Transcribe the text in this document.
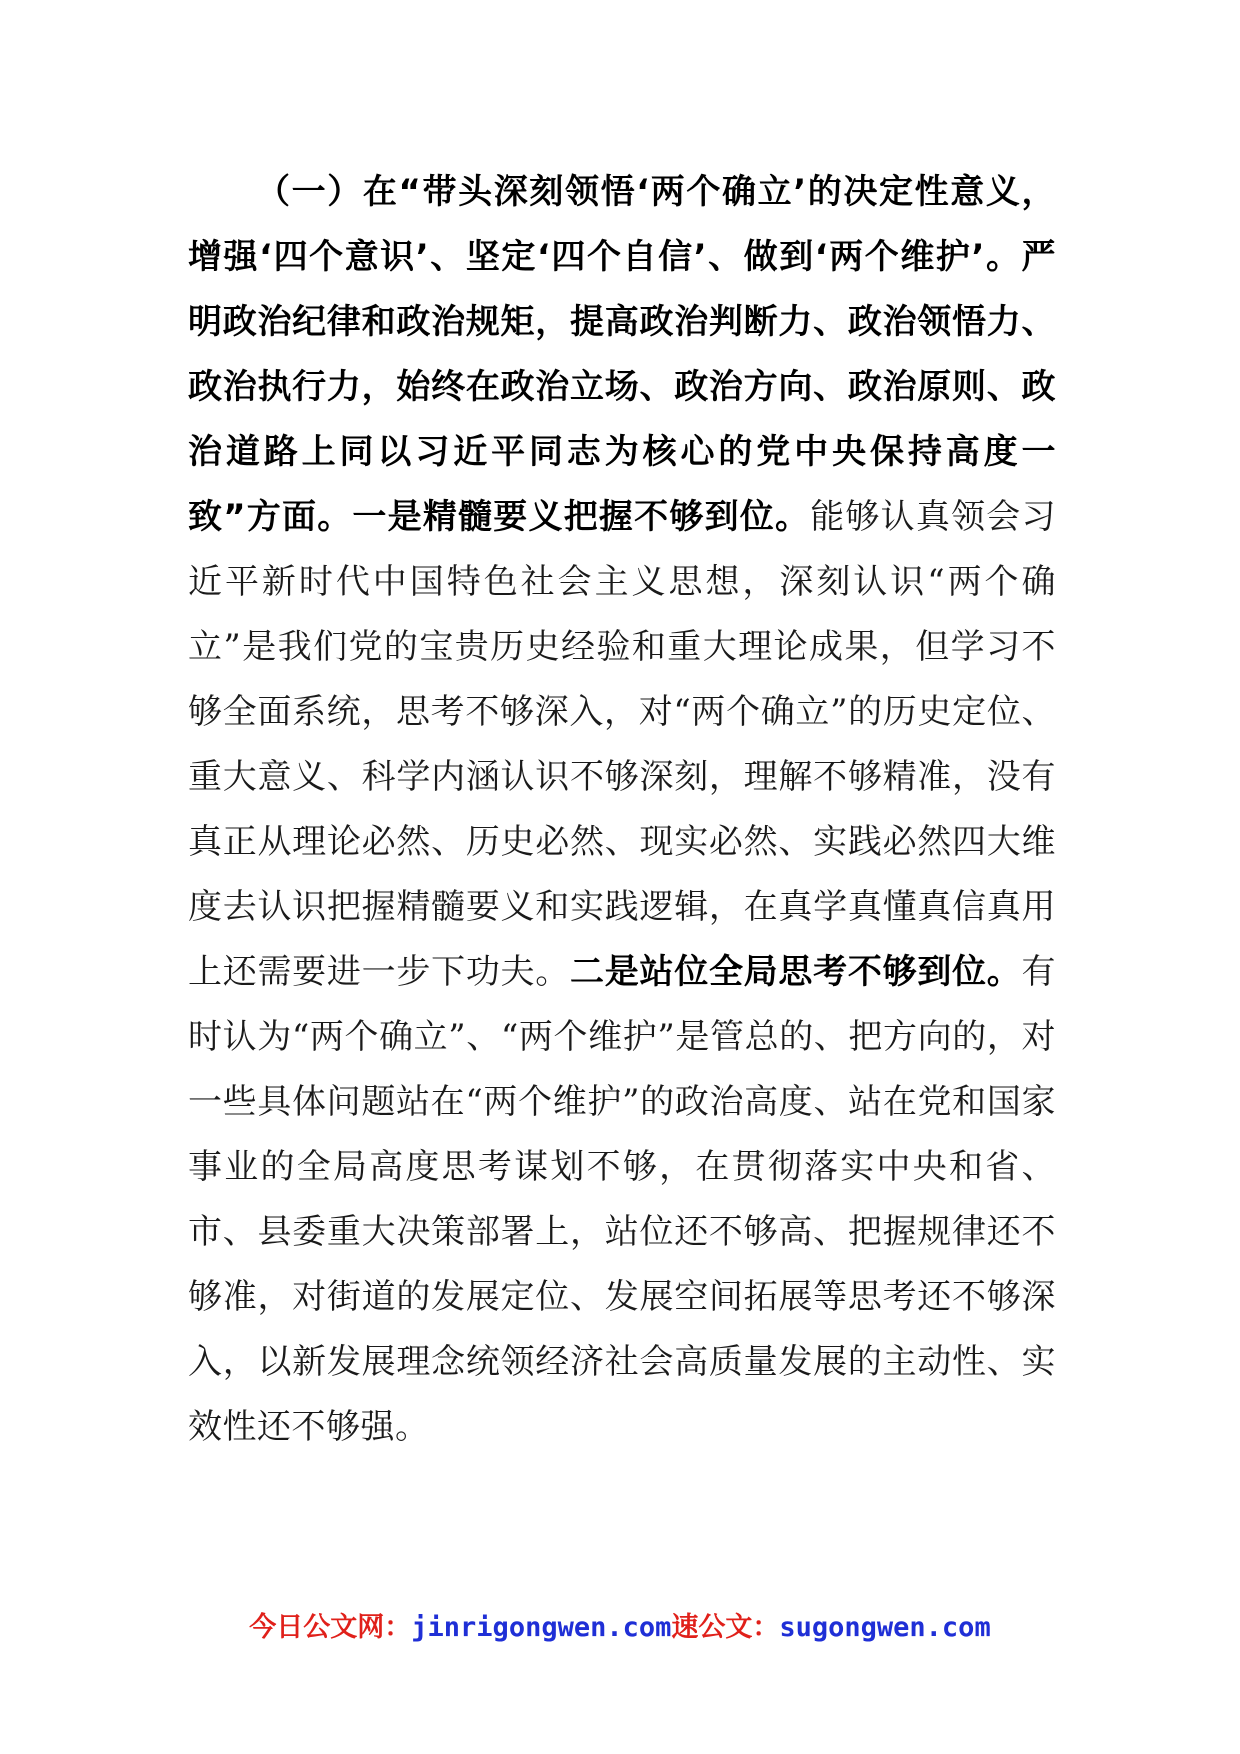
（一）在“带头深刻领悟‘两个确立’的决定性意义，增强‘四个意识’、坚定‘四个自信’、做到‘两个维护’。严明政治纪律和政治规矩，提高政治判断力、政治领悟力、政治执行力，始终在政治立场、政治方向、政治原则、政治道路上同以习近平同志为核心的党中央保持高度一致”方面。一是精髓要义把握不够到位。能够认真领会习近平新时代中国特色社会主义思想，深刻认识“两个确立”是我们党的宝贵历史经验和重大理论成果，但学习不够全面系统，思考不够深入，对“两个确立”的历史定位、重大意义、科学内涵认识不够深刻，理解不够精准，没有真正从理论必然、历史必然、现实必然、实践必然四大维度去认识把握精髓要义和实践逻辑，在真学真懂真信真用上还需要进一步下功夫。二是站位全局思考不够到位。有时认为“两个确立”、“两个维护”是管总的、把方向的，对一些具体问题站在“两个维护”的政治高度、站在党和国家事业的全局高度思考谋划不够，在贯彻落实中央和省、市、县委重大决策部署上，站位还不够高、把握规律还不够准，对街道的发展定位、发展空间拓展等思考还不够深入，以新发展理念统领经济社会高质量发展的主动性、实效性还不够强。

今日公文网：jinrigongwen.com速公文：sugongwen.com
